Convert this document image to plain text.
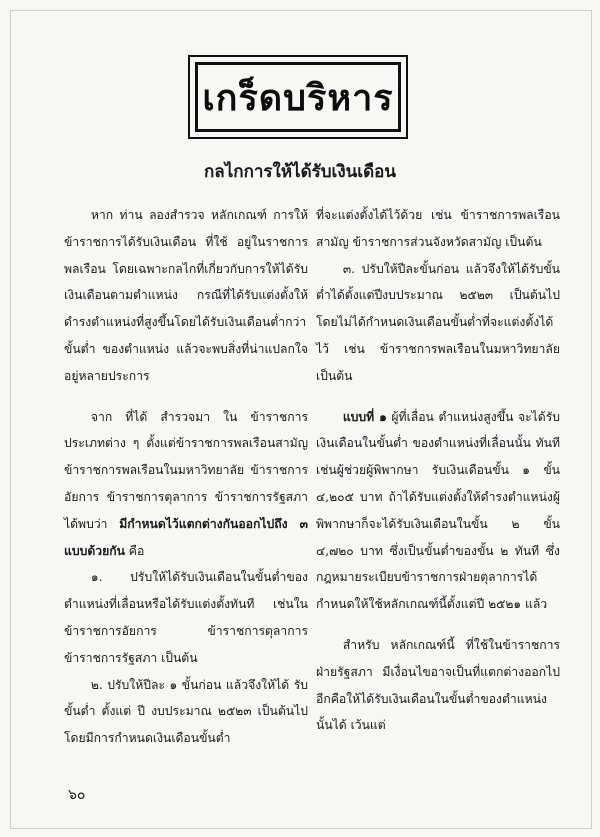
เกร็ดบริหาร
กลไกการให้ได้รับเงินเดือน

หาก ท่าน ลองสำรวจ หลักเกณฑ์ การให้ข้าราชการได้รับเงินเดือน ที่ใช้ อยู่ในราชการพลเรือน โดยเฉพาะกลไกที่เกี่ยวกับการให้ได้รับเงินเดือนตามตำแหน่ง กรณีที่ได้รับแต่งตั้งให้ดำรงตำแหน่งที่สูงขึ้นโดยได้รับเงินเดือนต่ำกว่าขั้นต่ำ ของตำแหน่ง แล้วจะพบสิ่งที่น่าแปลกใจอยู่หลายประการ

จาก ที่ได้ สำรวจมา ใน ข้าราชการ ประเภทต่าง ๆ ตั้งแต่ข้าราชการพลเรือนสามัญ ข้าราชการพลเรือนในมหาวิทยาลัย ข้าราชการอัยการ ข้าราชการตุลาการ ข้าราชการรัฐสภา ได้พบว่า มีกำหนดไว้แตกต่างกันออกไปถึง ๓ แบบด้วยกัน คือ

๑. ปรับให้ได้รับเงินเดือนในขั้นต่ำของตำแหน่งที่เลื่อนหรือได้รับแต่งตั้งทันที เช่นในข้าราชการอัยการ ข้าราชการตุลาการ ข้าราชการรัฐสภา เป็นต้น

๒. ปรับให้ปีละ ๑ ขั้นก่อน แล้วจึงให้ได้ รับ ขั้นต่ำ ตั้งแต่ ปี งบประมาณ ๒๕๒๓ เป็นต้นไป โดยมีการกำหนดเงินเดือนขั้นต่ำ

ที่จะแต่งตั้งได้ไว้ด้วย เช่น ข้าราชการพลเรือนสามัญ ข้าราชการส่วนจังหวัดสามัญ เป็นต้น

๓. ปรับให้ปีละขั้นก่อน แล้วจึงให้ได้รับขั้นต่ำได้ตั้งแต่ปีงบประมาณ ๒๕๒๓ เป็นต้นไป โดยไม่ได้กำหนดเงินเดือนขั้นต่ำที่จะแต่งตั้งได้ไว้ เช่น ข้าราชการพลเรือนในมหาวิทยาลัย เป็นต้น

แบบที่ ๑ ผู้ที่เลื่อน ตำแหน่งสูงขึ้น จะได้รับเงินเดือนในขั้นต่ำ ของตำแหน่งที่เลื่อนนั้น ทันที เช่นผู้ช่วยผู้พิพากษา รับเงินเดือนขั้น ๑ ขั้น ๔,๒๐๕ บาท ถ้าได้รับแต่งตั้งให้ดำรงตำแหน่งผู้พิพากษาก็จะได้รับเงินเดือนในขั้น ๒ ขั้น ๔,๗๒๐ บาท ซึ่งเป็นขั้นต่ำของขั้น ๒ ทันที ซึ่งกฎหมายระเบียบข้าราชการฝ่ายตุลาการได้ กำหนดให้ใช้หลักเกณฑ์นี้ตั้งแต่ปี ๒๕๒๑ แล้ว

สำหรับ หลักเกณฑ์นี้ ที่ใช้ในข้าราชการฝ่ายรัฐสภา มีเงื่อนไขอาจเป็นที่แตกต่างออกไปอีกคือให้ได้รับเงินเดือนในขั้นต่ำของตำแหน่งนั้นได้ เว้นแต่

๖๐
